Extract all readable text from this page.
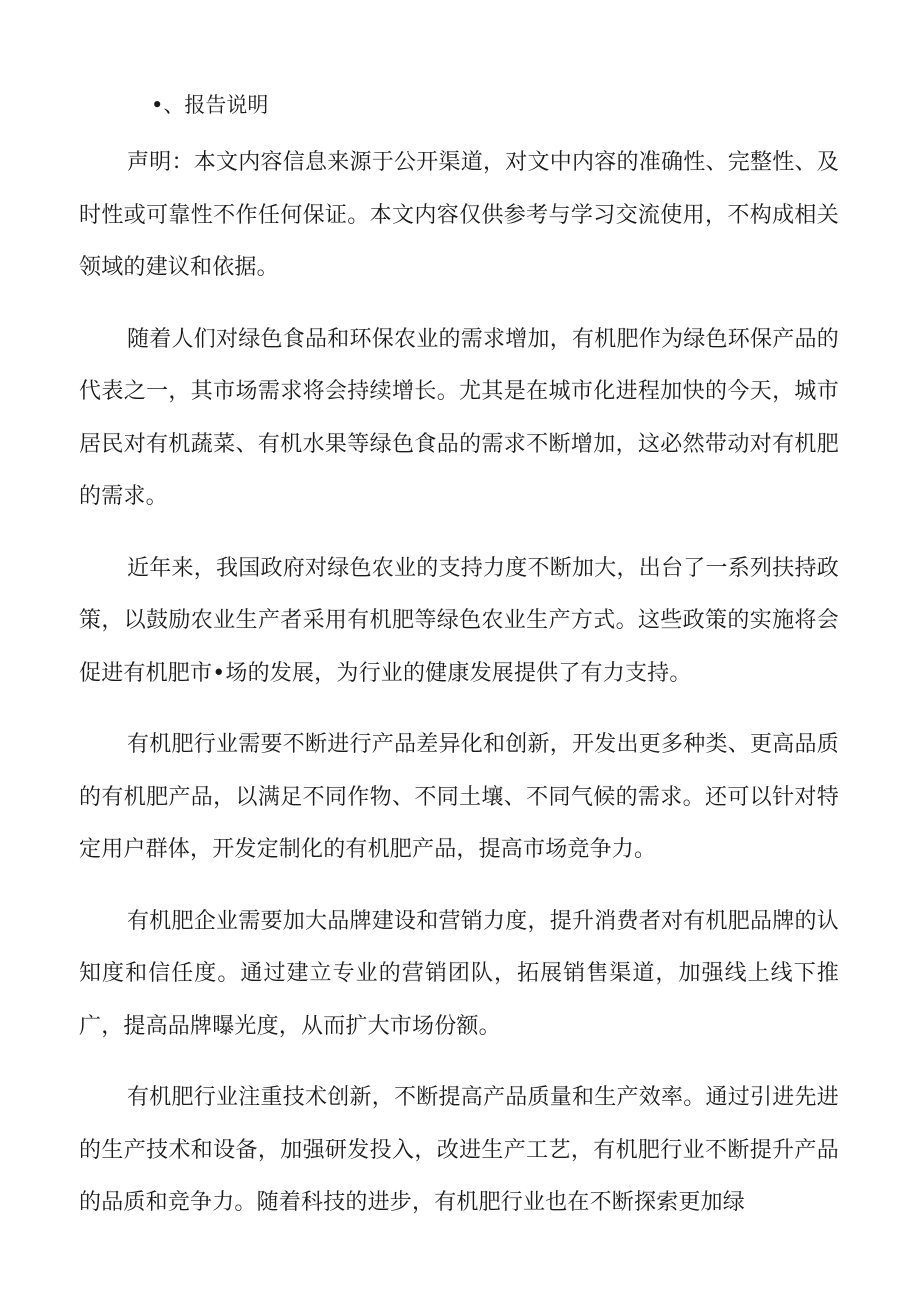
•、报告说明

声明：本文内容信息来源于公开渠道，对文中内容的准确性、完整性、及时性或可靠性不作任何保证。本文内容仅供参考与学习交流使用，不构成相关领域的建议和依据。

随着人们对绿色食品和环保农业的需求增加，有机肥作为绿色环保产品的代表之一，其市场需求将会持续增长。尤其是在城市化进程加快的今天，城市居民对有机蔬菜、有机水果等绿色食品的需求不断增加，这必然带动对有机肥的需求。

近年来，我国政府对绿色农业的支持力度不断加大，出台了一系列扶持政策，以鼓励农业生产者采用有机肥等绿色农业生产方式。这些政策的实施将会促进有机肥市•场的发展，为行业的健康发展提供了有力支持。

有机肥行业需要不断进行产品差异化和创新，开发出更多种类、更高品质的有机肥产品，以满足不同作物、不同土壤、不同气候的需求。还可以针对特定用户群体，开发定制化的有机肥产品，提高市场竞争力。

有机肥企业需要加大品牌建设和营销力度，提升消费者对有机肥品牌的认知度和信任度。通过建立专业的营销团队，拓展销售渠道，加强线上线下推广，提高品牌曝光度，从而扩大市场份额。

有机肥行业注重技术创新，不断提高产品质量和生产效率。通过引进先进的生产技术和设备，加强研发投入，改进生产工艺，有机肥行业不断提升产品的品质和竞争力。随着科技的进步，有机肥行业也在不断探索更加绿
